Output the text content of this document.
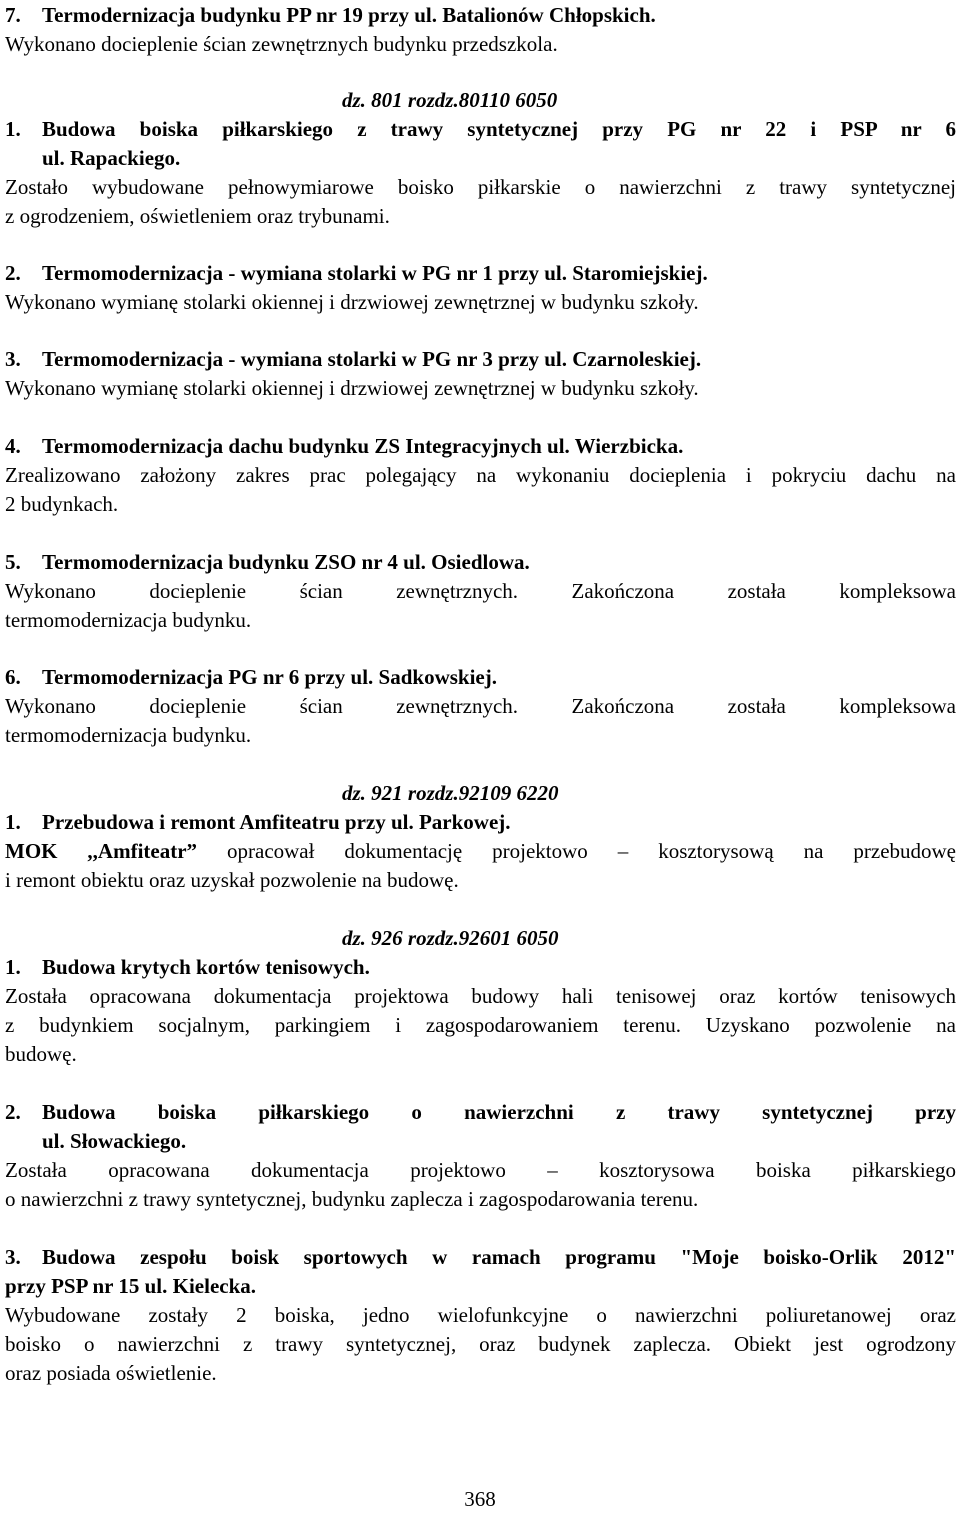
7. Termodernizacja budynku PP nr 19 przy ul. Batalionów Chłopskich.
Wykonano docieplenie ścian zewnętrznych budynku przedszkola.
dz. 801 rozdz.80110 6050
1. Budowa boiska piłkarskiego z trawy syntetycznej przy PG nr 22 i PSP nr 6
ul. Rapackiego.
Zostało wybudowane pełnowymiarowe boisko piłkarskie o nawierzchni z trawy syntetycznej
z ogrodzeniem, oświetleniem oraz trybunami.
2. Termomodernizacja - wymiana stolarki w PG nr 1 przy ul. Staromiejskiej.
Wykonano wymianę stolarki okiennej i drzwiowej zewnętrznej w budynku szkoły.
3. Termomodernizacja - wymiana stolarki w PG nr 3 przy ul. Czarnoleskiej.
Wykonano wymianę stolarki okiennej i drzwiowej zewnętrznej w budynku szkoły.
4. Termomodernizacja dachu budynku ZS Integracyjnych ul. Wierzbicka.
Zrealizowano założony zakres prac polegający na wykonaniu docieplenia i pokryciu dachu na
2 budynkach.
5. Termomodernizacja budynku ZSO nr 4 ul. Osiedlowa.
Wykonano docieplenie ścian zewnętrznych. Zakończona została kompleksowa
termomodernizacja budynku.
6. Termomodernizacja PG nr 6 przy ul. Sadkowskiej.
Wykonano docieplenie ścian zewnętrznych. Zakończona została kompleksowa
termomodernizacja budynku.
dz. 921 rozdz.92109 6220
1. Przebudowa i remont Amfiteatru przy ul. Parkowej.
MOK ,,Amfiteatr” opracował dokumentację projektowo – kosztorysową na przebudowę
i remont obiektu oraz uzyskał pozwolenie na budowę.
dz. 926 rozdz.92601 6050
1. Budowa krytych kortów tenisowych.
Została opracowana dokumentacja projektowa budowy hali tenisowej oraz kortów tenisowych
z budynkiem socjalnym, parkingiem i zagospodarowaniem terenu. Uzyskano pozwolenie na
budowę.
2. Budowa boiska piłkarskiego o nawierzchni z trawy syntetycznej przy
ul. Słowackiego.
Została opracowana dokumentacja projektowo – kosztorysowa boiska piłkarskiego
o nawierzchni z trawy syntetycznej, budynku zaplecza i zagospodarowania terenu.
3. Budowa zespołu boisk sportowych w ramach programu "Moje boisko-Orlik 2012"
przy PSP nr 15 ul. Kielecka.
Wybudowane zostały 2 boiska, jedno wielofunkcyjne o nawierzchni poliuretanowej oraz
boisko o nawierzchni z trawy syntetycznej, oraz budynek zaplecza. Obiekt jest ogrodzony
oraz posiada oświetlenie.
368
